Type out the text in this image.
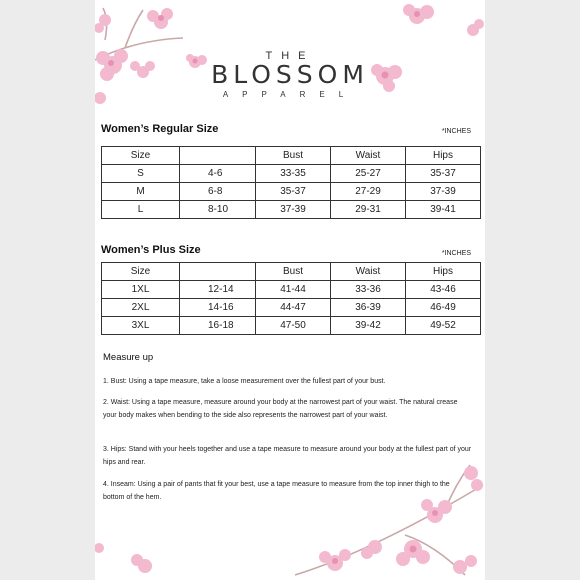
THE
BLOSSOM
APPAREL
Women’s Regular Size	*INCHES
Size		Bust	Waist	Hips
S	4-6	33-35	25-27	35-37
M	6-8	35-37	27-29	37-39
L	8-10	37-39	29-31	39-41
Women’s Plus Size	*INCHES
Size		Bust	Waist	Hips
1XL	12-14	41-44	33-36	43-46
2XL	14-16	44-47	36-39	46-49
3XL	16-18	47-50	39-42	49-52
Measure up
1. Bust: Using a tape measure, take a loose measurement over the fullest part of your bust.
2. Waist: Using a tape measure, measure around your body at the narrowest part of your waist. The natural crease your body makes when bending to the side also represents the narrowest part of your waist.
3. Hips: Stand with your heels together and use a tape measure to measure around your body at the fullest part of your hips and rear.
4. Inseam: Using a pair of pants that fit your best, use a tape measure to measure from the top inner thigh to the bottom of the hem.
